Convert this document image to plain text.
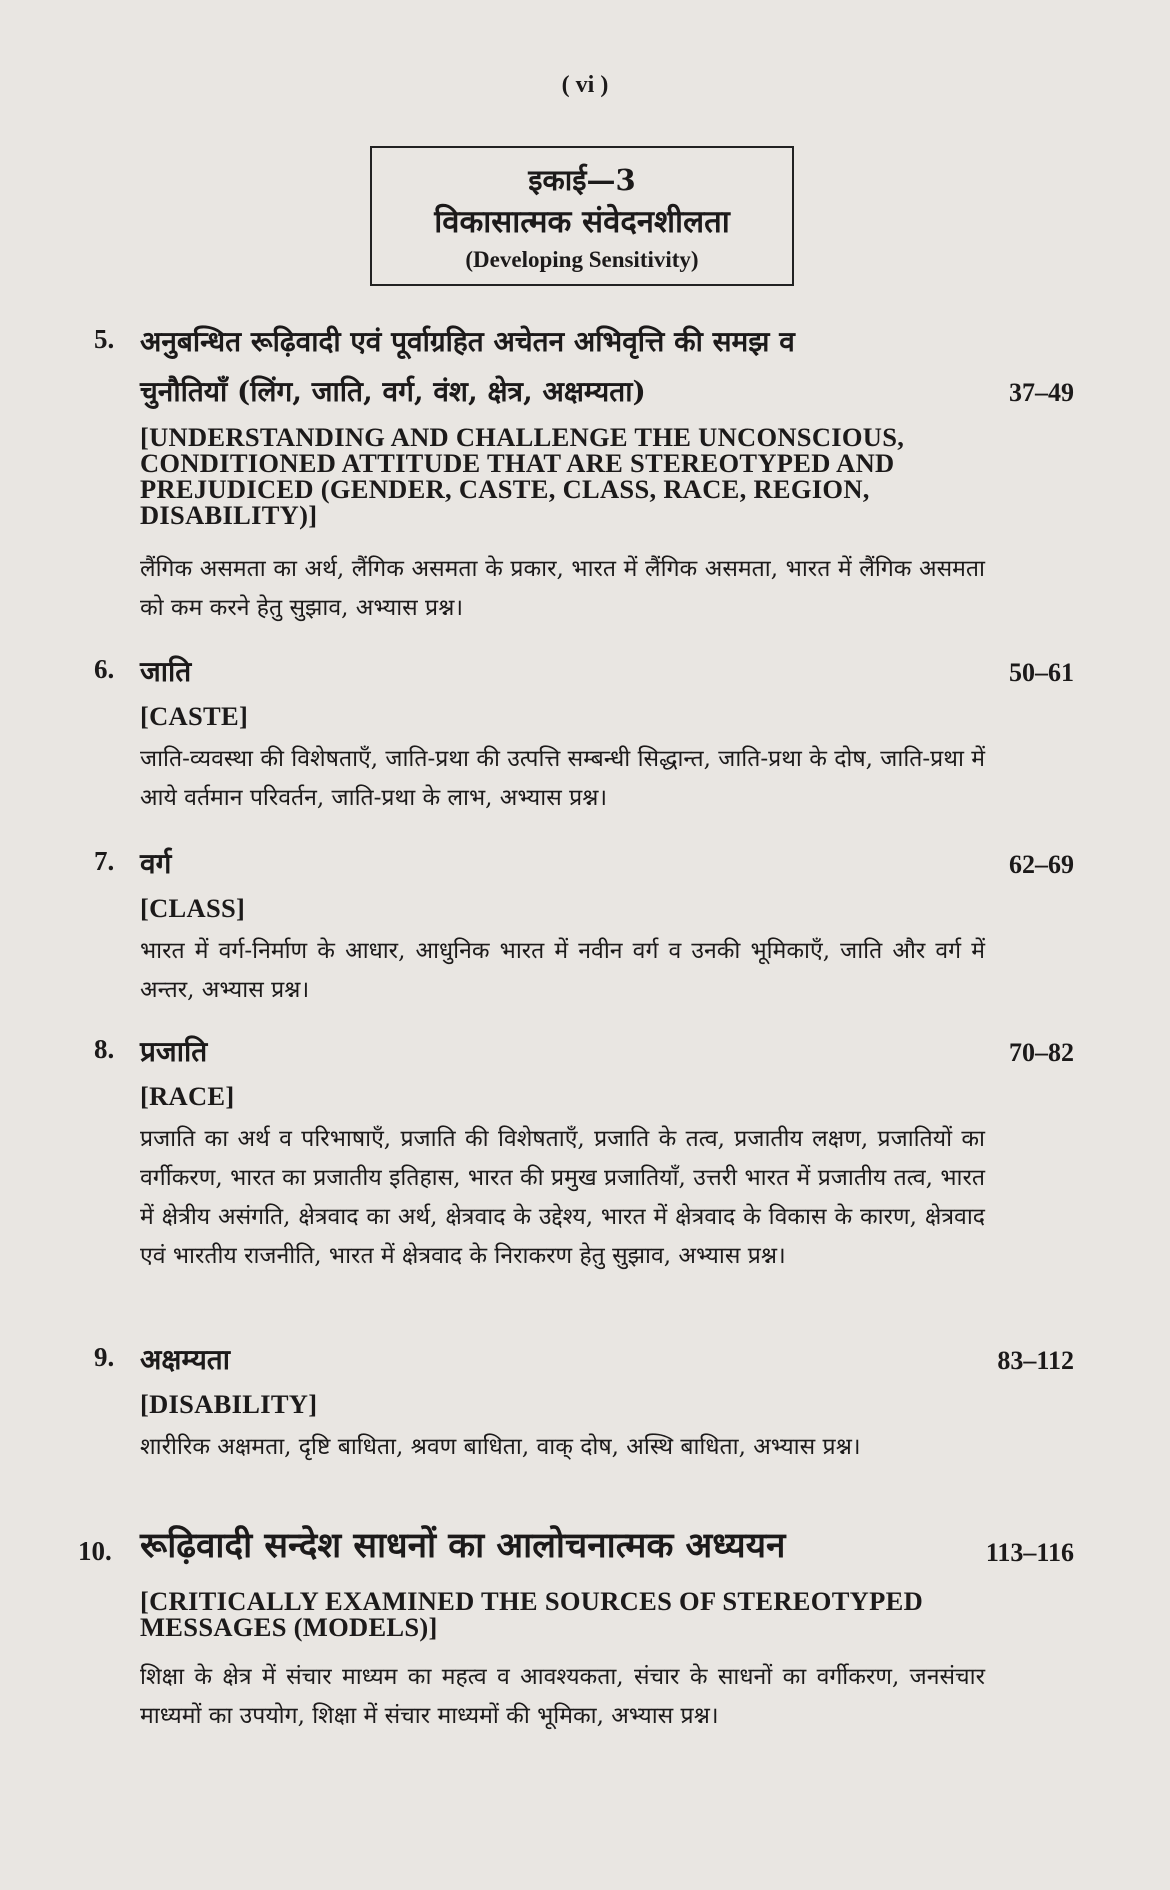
( vi )
इकाई—3
विकासात्मक संवेदनशीलता
(Developing Sensitivity)
5. अनुबन्धित रूढ़िवादी एवं पूर्वाग्रहित अचेतन अभिवृत्ति की समझ व
चुनौतियाँ (लिंग, जाति, वर्ग, वंश, क्षेत्र, अक्षम्यता)	37–49
[UNDERSTANDING AND CHALLENGE THE UNCONSCIOUS, CONDITIONED ATTITUDE THAT ARE STEREOTYPED AND PREJUDICED (GENDER, CASTE, CLASS, RACE, REGION, DISABILITY)]
लैंगिक असमता का अर्थ, लैंगिक असमता के प्रकार, भारत में लैंगिक असमता, भारत में लैंगिक असमता को कम करने हेतु सुझाव, अभ्यास प्रश्न।
6. जाति	50–61
[CASTE]
जाति-व्यवस्था की विशेषताएँ, जाति-प्रथा की उत्पत्ति सम्बन्धी सिद्धान्त, जाति-प्रथा के दोष, जाति-प्रथा में आये वर्तमान परिवर्तन, जाति-प्रथा के लाभ, अभ्यास प्रश्न।
7. वर्ग	62–69
[CLASS]
भारत में वर्ग-निर्माण के आधार, आधुनिक भारत में नवीन वर्ग व उनकी भूमिकाएँ, जाति और वर्ग में अन्तर, अभ्यास प्रश्न।
8. प्रजाति	70–82
[RACE]
प्रजाति का अर्थ व परिभाषाएँ, प्रजाति की विशेषताएँ, प्रजाति के तत्व, प्रजातीय लक्षण, प्रजातियों का वर्गीकरण, भारत का प्रजातीय इतिहास, भारत की प्रमुख प्रजातियाँ, उत्तरी भारत में प्रजातीय तत्व, भारत में क्षेत्रीय असंगति, क्षेत्रवाद का अर्थ, क्षेत्रवाद के उद्देश्य, भारत में क्षेत्रवाद के विकास के कारण, क्षेत्रवाद एवं भारतीय राजनीति, भारत में क्षेत्रवाद के निराकरण हेतु सुझाव, अभ्यास प्रश्न।
9. अक्षम्यता	83–112
[DISABILITY]
शारीरिक अक्षमता, दृष्टि बाधिता, श्रवण बाधिता, वाक् दोष, अस्थि बाधिता, अभ्यास प्रश्न।
10. रूढ़िवादी सन्देश साधनों का आलोचनात्मक अध्ययन	113–116
[CRITICALLY EXAMINED THE SOURCES OF STEREOTYPED MESSAGES (MODELS)]
शिक्षा के क्षेत्र में संचार माध्यम का महत्व व आवश्यकता, संचार के साधनों का वर्गीकरण, जनसंचार माध्यमों का उपयोग, शिक्षा में संचार माध्यमों की भूमिका, अभ्यास प्रश्न।
